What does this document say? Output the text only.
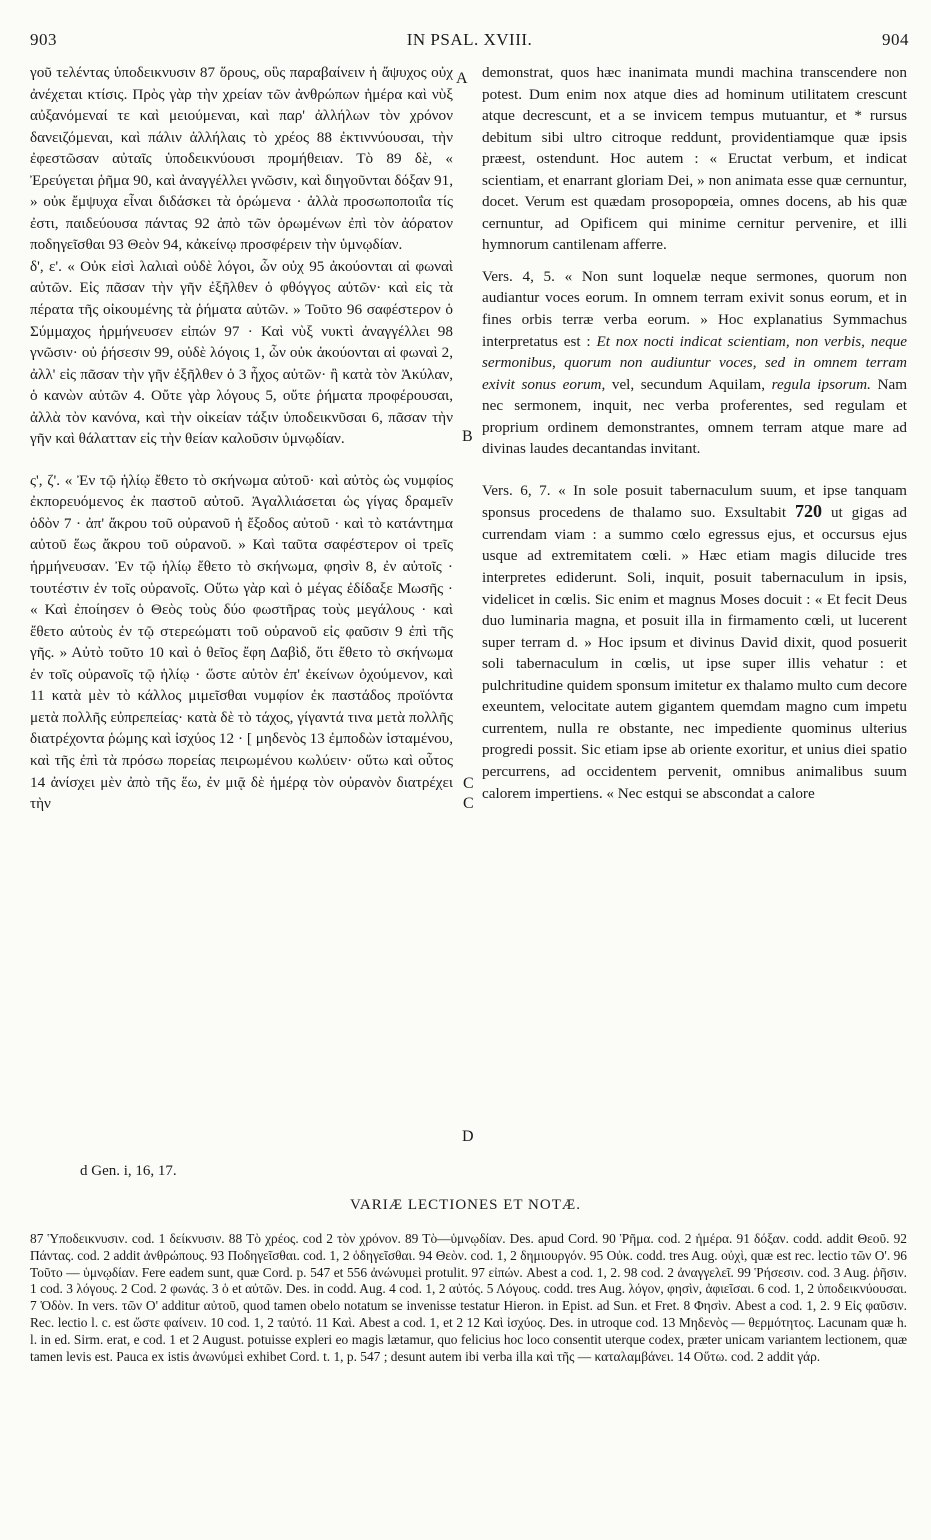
903	IN PSAL. XVIII.	904
A
B
C
C
D

γοῦ τελέντας ὑποδεικνυσιν 87 ὅρους, οὓς παραβαίνειν ἡ ἄψυχος οὐχ ἀνέχεται κτίσις. Πρὸς γὰρ τὴν χρείαν τῶν ἀνθρώπων ἡμέρα καὶ νὺξ αὐξανόμεναί τε καὶ μειούμεναι, καὶ παρ' ἀλλήλων τὸν χρόνον δανειζόμεναι, καὶ πάλιν ἀλλήλαις τὸ χρέος 88 ἐκτιννύουσαι, τὴν ἐφεστῶσαν αὐταῖς ὑποδεικνύουσι προμήθειαν. Τὸ 89 δὲ, « Ἐρεύγεται ῥῆμα 90, καὶ ἀναγγέλλει γνῶσιν, καὶ διηγοῦνται δόξαν 91, » οὐκ ἔμψυχα εἶναι διδάσκει τὰ ὁρώμενα · ἀλλὰ προσωποποιΐα τίς ἐστι, παιδεύουσα πάντας 92 ἀπὸ τῶν ὁρωμένων ἐπὶ τὸν ἀόρατον ποδηγεῖσθαι 93 Θεὸν 94, κἀκείνῳ προσφέρειν τὴν ὑμνῳδίαν.

δ', ε'. « Οὐκ εἰσὶ λαλιαὶ οὐδὲ λόγοι, ὧν οὐχ 95 ἀκούονται αἱ φωναὶ αὐτῶν. Εἰς πᾶσαν τὴν γῆν ἐξῆλθεν ὁ φθόγγος αὐτῶν· καὶ εἰς τὰ πέρατα τῆς οἰκουμένης τὰ ῥήματα αὐτῶν. » Τοῦτο 96 σαφέστερον ὁ Σύμμαχος ἡρμήνευσεν εἰπών 97 · Καὶ νὺξ νυκτὶ ἀναγγέλλει 98 γνῶσιν· οὐ ῥήσεσιν 99, οὐδὲ λόγοις 1, ὧν οὐκ ἀκούονται αἱ φωναὶ 2, ἀλλ' εἰς πᾶσαν τὴν γῆν ἐξῆλθεν ὁ 3 ἦχος αὐτῶν· ἢ κατὰ τὸν Ἀκύλαν, ὁ κανὼν αὐτῶν 4. Οὔτε γὰρ λόγους 5, οὔτε ῥήματα προφέρουσαι, ἀλλὰ τὸν κανόνα, καὶ τὴν οἰκείαν τάξιν ὑποδεικνῦσαι 6, πᾶσαν τὴν γῆν καὶ θάλατταν εἰς τὴν θείαν καλοῦσιν ὑμνῳδίαν.

ς', ζ'. « Ἐν τῷ ἡλίῳ ἔθετο τὸ σκήνωμα αὐτοῦ· καὶ αὐτὸς ὡς νυμφίος ἐκπορευόμενος ἐκ παστοῦ αὐτοῦ. Ἀγαλλιάσεται ὡς γίγας δραμεῖν ὁδὸν 7 · ἀπ' ἄκρου τοῦ οὐρανοῦ ἡ ἔξοδος αὐτοῦ · καὶ τὸ κατάντημα αὐτοῦ ἕως ἄκρου τοῦ οὐρανοῦ. » Καὶ ταῦτα σαφέστερον οἱ τρεῖς ἡρμήνευσαν. Ἐν τῷ ἡλίῳ ἔθετο τὸ σκήνωμα, φησὶν 8, ἐν αὐτοῖς · τουτέστιν ἐν τοῖς οὐρανοῖς. Οὕτω γὰρ καὶ ὁ μέγας ἐδίδαξε Μωσῆς · « Καὶ ἐποίησεν ὁ Θεὸς τοὺς δύο φωστῆρας τοὺς μεγάλους · καὶ ἔθετο αὐτοὺς ἐν τῷ στερεώματι τοῦ οὐρανοῦ εἰς φαῦσιν 9 ἐπὶ τῆς γῆς. » Αὐτὸ τοῦτο 10 καὶ ὁ θεῖος ἔφη Δαβὶδ, ὅτι ἔθετο τὸ σκήνωμα ἐν τοῖς οὐρανοῖς τῷ ἡλίῳ · ὥστε αὐτὸν ἐπ' ἐκείνων ὀχούμενον, καὶ 11 κατὰ μὲν τὸ κάλλος μιμεῖσθαι νυμφίον ἐκ παστάδος προϊόντα μετὰ πολλῆς εὐπρεπείας· κατὰ δὲ τὸ τάχος, γίγαντά τινα μετὰ πολλῆς διατρέχοντα ῥώμης καὶ ἰσχύος 12 · [ μηδενὸς 13 ἐμποδὼν ἱσταμένου, καὶ τῆς ἐπὶ τὰ πρόσω πορείας πειρωμένου κωλύειν· οὕτω καὶ οὗτος 14 ἀνίσχει μὲν ἀπὸ τῆς ἕω, ἐν μιᾷ δὲ ἡμέρᾳ τὸν οὐρανὸν διατρέχει τὴν

demonstrat, quos hæc inanimata mundi machina transcendere non potest. Dum enim nox atque dies ad hominum utilitatem crescunt atque decrescunt, et a se invicem tempus mutuantur, et * rursus debitum sibi ultro citroque reddunt, providentiamque quæ ipsis præest, ostendunt. Hoc autem : « Eructat verbum, et indicat scientiam, et enarrant gloriam Dei, » non animata esse quæ cernuntur, docet. Verum est quædam prosopopœia, omnes docens, ab his quæ cernuntur, ad Opificem qui minime cernitur pervenire, et illi hymnorum cantilenam afferre.

Vers. 4, 5. « Non sunt loquelæ neque sermones, quorum non audiantur voces eorum. In omnem terram exivit sonus eorum, et in fines orbis terræ verba eorum. » Hoc explanatius Symmachus interpretatus est : Et nox nocti indicat scientiam, non verbis, neque sermonibus, quorum non audiuntur voces, sed in omnem terram exivit sonus eorum, vel, secundum Aquilam, regula ipsorum. Nam nec sermonem, inquit, nec verba proferentes, sed regulam et proprium ordinem demonstrantes, omnem terram atque mare ad divinas laudes decantandas invitant.

Vers. 6, 7. « In sole posuit tabernaculum suum, et ipse tanquam sponsus procedens de thalamo suo. Exsultabit 720 ut gigas ad currendam viam : a summo cœlo egressus ejus, et occursus ejus usque ad extremitatem cœli. » Hæc etiam magis dilucide tres interpretes ediderunt. Soli, inquit, posuit tabernaculum in ipsis, videlicet in cœlis. Sic enim et magnus Moses docuit : « Et fecit Deus duo luminaria magna, et posuit illa in firmamento cœli, ut lucerent super terram d. » Hoc ipsum et divinus David dixit, quod posuerit soli tabernaculum in cœlis, ut ipse super illis vehatur : et pulchritudine quidem sponsum imitetur ex thalamo multo cum decore exeuntem, velocitate autem gigantem quemdam magno cum impetu currentem, nulla re obstante, nec impediente quominus ulterius progredi possit. Sic etiam ipse ab oriente exoritur, et unius diei spatio percurrens, ad occidentem pervenit, omnibus animalibus suum calorem impertiens. « Nec estqui se abscondat a calore

d Gen. i, 16, 17.
VARIÆ LECTIONES ET NOTÆ.

87 Ὑποδεικνυσιν. cod. 1 δείκνυσιν. 88 Τὸ χρέος. cod 2 τὸν χρόνον. 89 Τὸ—ὑμνῳδίαν. Des. apud Cord. 90 Ῥῆμα. cod. 2 ἡμέρα. 91 δόξαν. codd. addit Θεοῦ. 92 Πάντας. cod. 2 addit ἀνθρώπους. 93 Ποδηγεῖσθαι. cod. 1, 2 ὁδηγεῖσθαι. 94 Θεὸν. cod. 1, 2 δημιουργόν. 95 Οὐκ. codd. tres Aug. οὐχὶ, quæ est rec. lectio τῶν Ο'. 96 Τοῦτο — ὑμνῳδίαν. Fere eadem sunt, quæ Cord. p. 547 et 556 ἀνώνυμεὶ protulit. 97 εἰπών. Abest a cod. 1, 2. 98 cod. 2 ἀναγγελεῖ. 99 Ῥήσεσιν. cod. 3 Aug. ῥῆσιν. 1 cod. 3 λόγους. 2 Cod. 2 φωνάς. 3 ὁ et αὐτῶν. Des. in codd. Aug. 4 cod. 1, 2 αὐτός. 5 Λόγους. codd. tres Aug. λόγον, φησὶν, ἀφιεῖσαι. 6 cod. 1, 2 ὑποδεικνύουσαι. 7 Ὁδὸν. In vers. τῶν Ο' additur αὐτοῦ, quod tamen obelo notatum se invenisse testatur Hieron. in Epist. ad Sun. et Fret. 8 Φησὶν. Abest a cod. 1, 2. 9 Εἰς φαῦσιν. Rec. lectio l. c. est ὥστε φαίνειν. 10 cod. 1, 2 ταὐτό. 11 Καὶ. Abest a cod. 1, et 2 12 Καὶ ἰσχύος. Des. in utroque cod. 13 Μηδενὸς — θερμότητος. Lacunam quæ h. l. in ed. Sirm. erat, e cod. 1 et 2 August. potuisse expleri eo magis lætamur, quo felicius hoc loco consentit uterque codex, præter unicam variantem lectionem, quæ tamen levis est. Pauca ex istis ἀνωνύμεὶ exhibet Cord. t. 1, p. 547 ; desunt autem ibi verba illa καὶ τῆς — καταλαμβάνει. 14 Οὕτω. cod. 2 addit γάρ.
